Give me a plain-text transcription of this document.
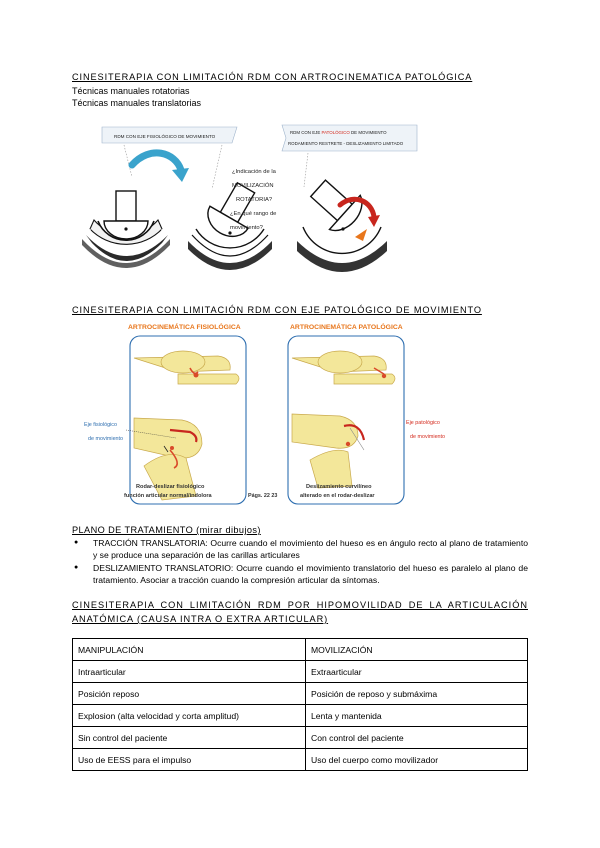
CINESITERAPIA CON LIMITACIÓN RDM CON ARTROCINEMATICA PATOLÓGICA
Técnicas manuales rotatorias
Técnicas manuales translatorias
RDM CON EJE FISIOLÓGICO DE MOVIMIENTO
¿Indicación de la
MOVILIZACIÓN
ROTATORIA?
¿En qué rango de
movimiento?
RDM CON EJE PATOLÓGICO DE MOVIMIENTO
RODAMIENTO RESTRETE - DESLIZAMIENTO LIMITADO
CINESITERAPIA CON LIMITACIÓN RDM CON EJE PATOLÓGICO DE MOVIMIENTO
ARTROCINEMÁTICA FISIOLÓGICA	ARTROCINEMÁTICA PATOLÓGICA
Rodar-deslizar fisiológico
función articular normal/indolora	Págs. 22 23
Eje fisiológico
de movimiento
Deslizamiento curvilíneo
alterado en el rodar-deslizar
Eje patológico
de movimiento
PLANO DE TRATAMIENTO (mirar dibujos)
● TRACCIÓN TRANSLATORIA: Ocurre cuando el movimiento del hueso es en ángulo recto al plano de tratamiento y se produce una separación de las carillas articulares
● DESLIZAMIENTO TRANSLATORIO: Ocurre cuando el movimiento translatorio del hueso es paralelo al plano de tratamiento. Asociar a tracción cuando la compresión articular da síntomas.
CINESITERAPIA CON LIMITACIÓN RDM POR HIPOMOVILIDAD DE LA ARTICULACIÓN
ANATÓMICA (CAUSA INTRA O EXTRA ARTICULAR)
MANIPULACIÓN	MOVILIZACIÓN
Intraarticular	Extraarticular
Posición reposo	Posición de reposo y submáxima
Explosion (alta velocidad y corta amplitud)	Lenta y mantenida
Sin control del paciente	Con control del paciente
Uso de EESS para el impulso	Uso del cuerpo como movilizador
